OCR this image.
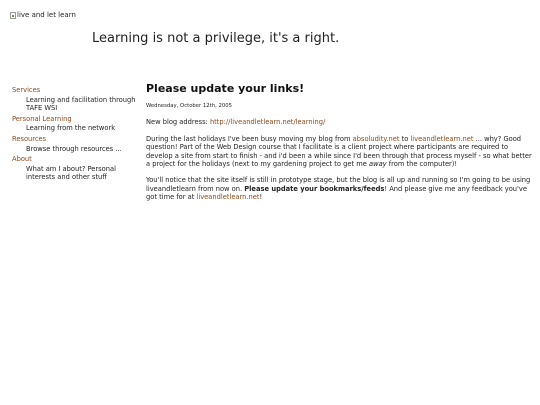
live and let learn
Learning is not a privilege, it's a right.
Services
Learning and facilitation through TAFE WSI
Personal Learning
Learning from the network
Resources
Browse through resources ...
About
What am I about? Personal interests and other stuff
Please update your links!
Wednesday, October 12th, 2005

New blog address: http://liveandletlearn.net/learning/

During the last holidays I've been busy moving my blog from absoludity.net to liveandletlearn.net ... why? Good question! Part of the Web Design course that I facilitate is a client project where participants are required to develop a site from start to finish - and i'd been a while since I'd been through that process myself - so what better a project for the holidays (next to my gardening project to get me away from the computer)!

You'll notice that the site itself is still in prototype stage, but the blog is all up and running so I'm going to be using liveandletlearn from now on. Please update your bookmarks/feeds! And please give me any feedback you've got time for at liveandletlearn.net!
